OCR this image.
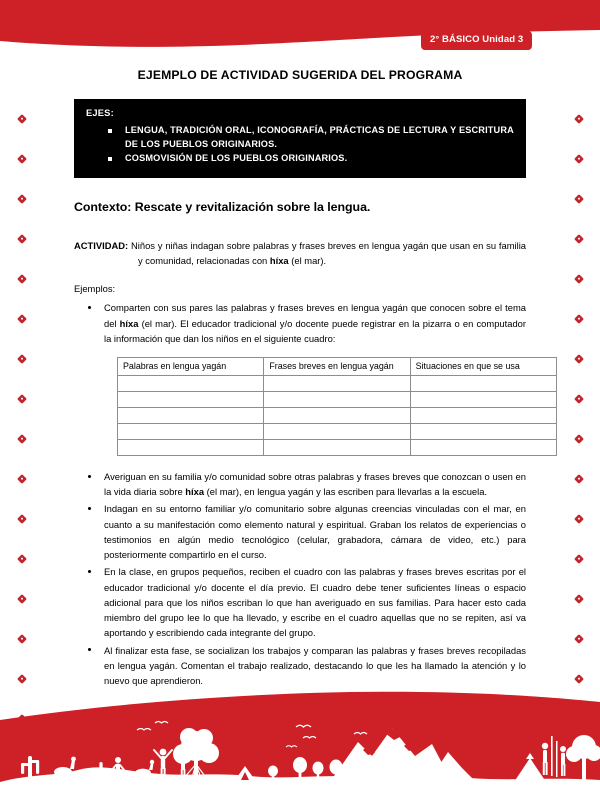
2° BÁSICO Unidad 3
EJEMPLO DE ACTIVIDAD SUGERIDA DEL PROGRAMA
EJES:
LENGUA, TRADICIÓN ORAL, ICONOGRAFÍA, PRÁCTICAS DE LECTURA Y ESCRITURA DE LOS PUEBLOS ORIGINARIOS.
COSMOVISIÓN DE LOS PUEBLOS ORIGINARIOS.
Contexto: Rescate y revitalización sobre la lengua.

ACTIVIDAD: Niños y niñas indagan sobre palabras y frases breves en lengua yagán que usan en su familia y comunidad, relacionadas con híxa (el mar).

Ejemplos:

Comparten con sus pares las palabras y frases breves en lengua yagán que conocen sobre el tema del híxa (el mar). El educador tradicional y/o docente puede registrar en la pizarra o en computador la información que dan los niños en el siguiente cuadro:
Palabras en lengua yagán	Frases breves en lengua yagán	Situaciones en que se usa

Averiguan en su familia y/o comunidad sobre otras palabras y frases breves que conozcan o usen en la vida diaria sobre híxa (el mar), en lengua yagán y las escriben para llevarlas a la escuela.
Indagan en su entorno familiar y/o comunitario sobre algunas creencias vinculadas con el mar, en cuanto a su manifestación como elemento natural y espiritual. Graban los relatos de experiencias o testimonios en algún medio tecnológico (celular, grabadora, cámara de video, etc.) para posteriormente compartirlo en el curso.
En la clase, en grupos pequeños, reciben el cuadro con las palabras y frases breves escritas por el educador tradicional y/o docente el día previo. El cuadro debe tener suficientes líneas o espacio adicional para que los niños escriban lo que han averiguado en sus familias. Para hacer esto cada miembro del grupo lee lo que ha llevado, y escribe en el cuadro aquellas que no se repiten, así va aportando y escribiendo cada integrante del grupo.
Al finalizar esta fase, se socializan los trabajos y comparan las palabras y frases breves recopiladas en lengua yagán. Comentan el trabajo realizado, destacando lo que les ha llamado la atención y lo nuevo que aprendieron.
